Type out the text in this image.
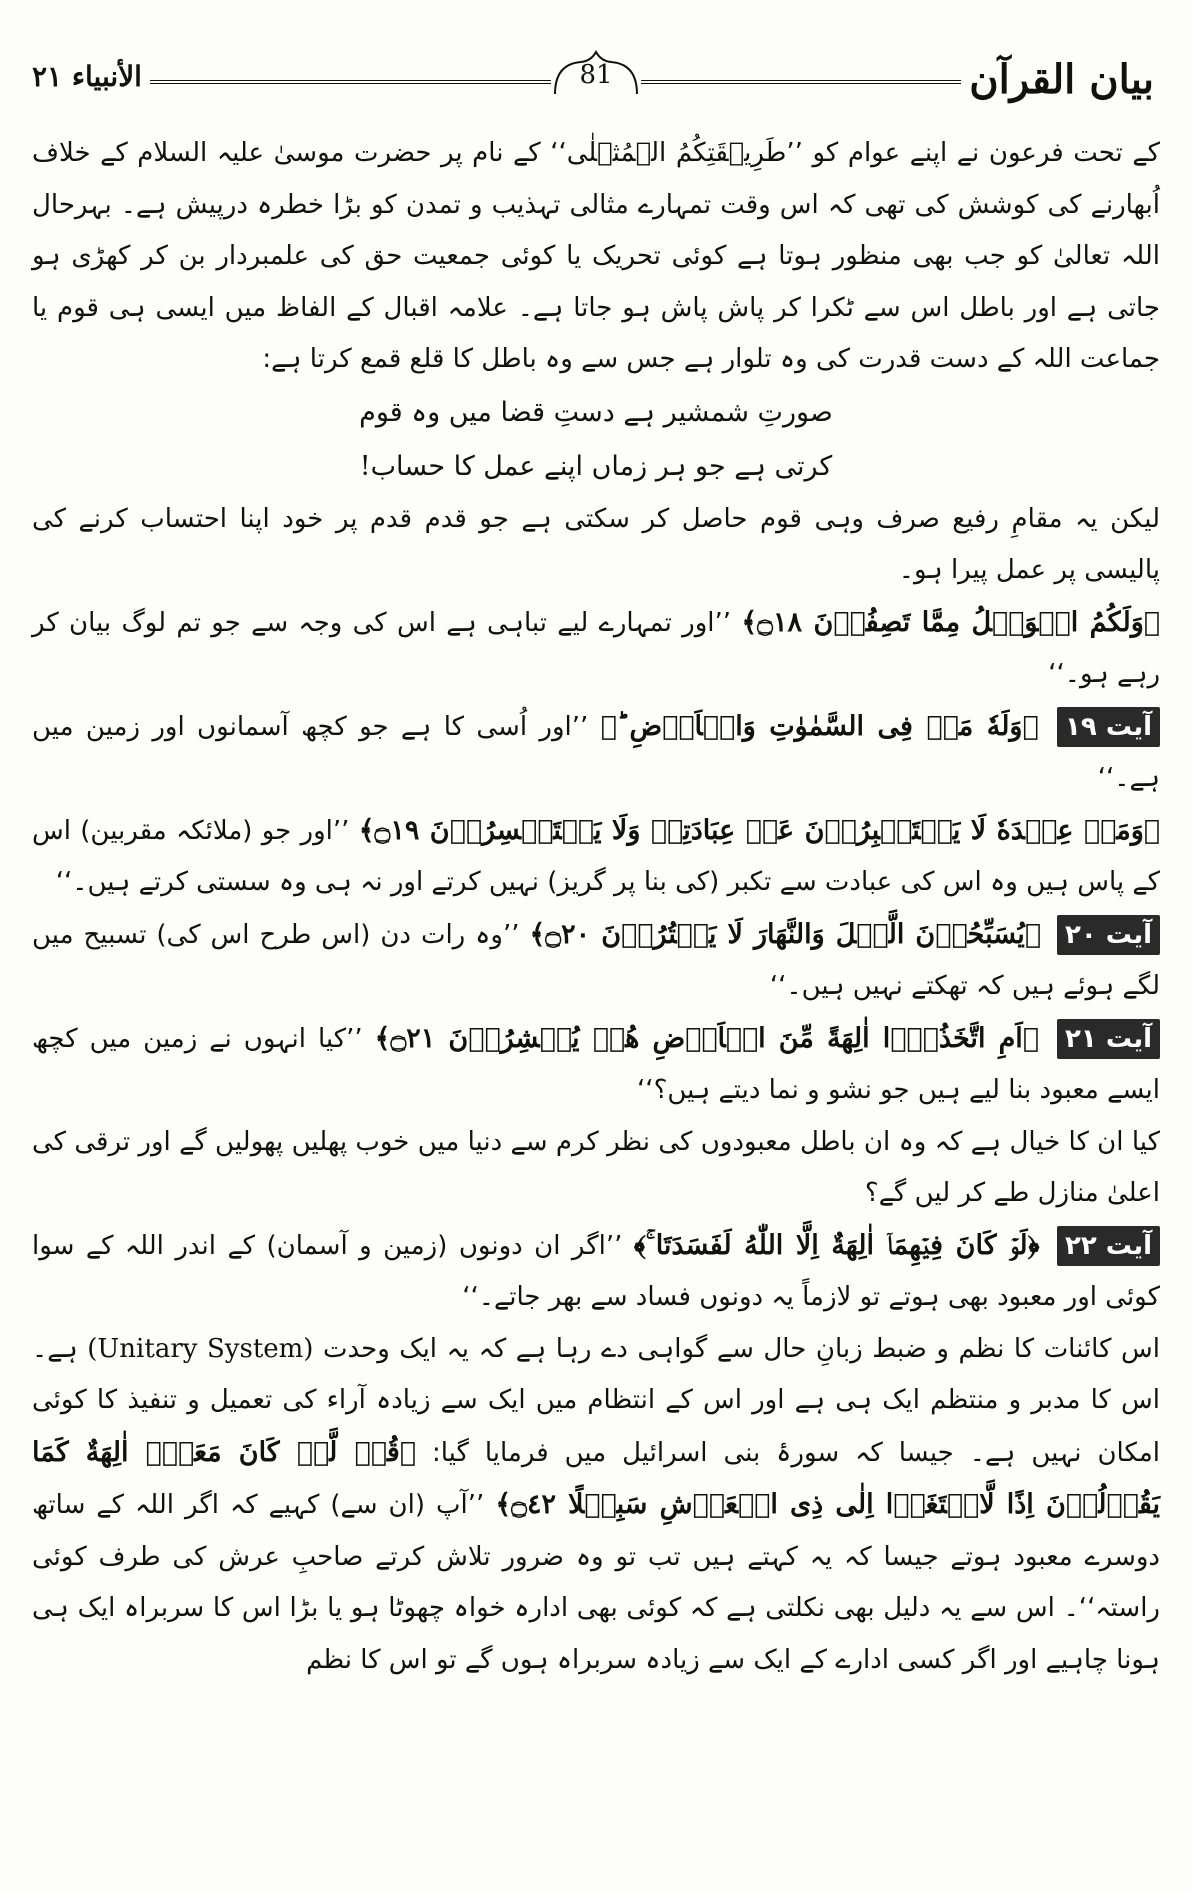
بیان القرآن
الأنبیاء ۲۱	81

کے تحت فرعون نے اپنے عوام کو ’’طَرِیۡقَتِکُمُ الۡمُثۡلٰی‘‘ کے نام پر حضرت موسیٰ علیہ السلام کے خلاف اُبھارنے کی کوشش کی تھی کہ اس وقت تمہارے مثالی تہذیب و تمدن کو بڑا خطرہ درپیش ہے۔ بہرحال اللہ تعالیٰ کو جب بھی منظور ہوتا ہے کوئی تحریک یا کوئی جمعیت حق کی علمبردار بن کر کھڑی ہو جاتی ہے اور باطل اس سے ٹکرا کر پاش پاش ہو جاتا ہے۔ علامہ اقبال کے الفاظ میں ایسی ہی قوم یا جماعت اللہ کے دست قدرت کی وہ تلوار ہے جس سے وہ باطل کا قلع قمع کرتا ہے:

صورتِ شمشیر ہے دستِ قضا میں وہ قوم

کرتی ہے جو ہر زماں اپنے عمل کا حساب!

لیکن یہ مقامِ رفیع صرف وہی قوم حاصل کر سکتی ہے جو قدم قدم پر خود اپنا احتساب کرنے کی پالیسی پر عمل پیرا ہو۔

﴿وَلَكُمُ الۡوَيۡلُ مِمَّا تَصِفُوۡنَ ۝١٨﴾ ’’اور تمہارے لیے تباہی ہے اس کی وجہ سے جو تم لوگ بیان کر رہے ہو۔‘‘

آیت ۱۹ ﴿وَلَهٗ مَنۡ فِى السَّمٰوٰتِ وَالۡاَرۡضِ ؕ﴾ ’’اور اُسی کا ہے جو کچھ آسمانوں اور زمین میں ہے۔‘‘

﴿وَمَنۡ عِنۡدَهٗ لَا يَسۡتَكۡبِرُوۡنَ عَنۡ عِبَادَتِهٖ وَلَا يَسۡتَحۡسِرُوۡنَ ۝١٩﴾ ’’اور جو (ملائکہ مقربین) اس کے پاس ہیں وہ اس کی عبادت سے تکبر (کی بنا پر گریز) نہیں کرتے اور نہ ہی وہ سستی کرتے ہیں۔‘‘

آیت ۲۰ ﴿يُسَبِّحُوۡنَ الَّيۡلَ وَالنَّهَارَ لَا يَفۡتُرُوۡنَ ۝٢٠﴾ ’’وہ رات دن (اس طرح اس کی) تسبیح میں لگے ہوئے ہیں کہ تھکتے نہیں ہیں۔‘‘

آیت ۲۱ ﴿اَمِ اتَّخَذُوۡۤا اٰلِهَةً مِّنَ الۡاَرۡضِ هُمۡ يُنۡشِرُوۡنَ ۝٢١﴾ ’’کیا انہوں نے زمین میں کچھ ایسے معبود بنا لیے ہیں جو نشو و نما دیتے ہیں؟‘‘

کیا ان کا خیال ہے کہ وہ ان باطل معبودوں کی نظر کرم سے دنیا میں خوب پھلیں پھولیں گے اور ترقی کی اعلیٰ منازل طے کر لیں گے؟

آیت ۲۲ ﴿لَوۡ كَانَ فِيۡهِمَاۤ اٰلِهَةٌ اِلَّا اللّٰهُ لَفَسَدَتَا ۚ﴾ ’’اگر ان دونوں (زمین و آسمان) کے اندر اللہ کے سوا کوئی اور معبود بھی ہوتے تو لازماً یہ دونوں فساد سے بھر جاتے۔‘‘

اس کائنات کا نظم و ضبط زبانِ حال سے گواہی دے رہا ہے کہ یہ ایک وحدت (Unitary System) ہے۔ اس کا مدبر و منتظم ایک ہی ہے اور اس کے انتظام میں ایک سے زیادہ آراء کی تعمیل و تنفیذ کا کوئی امکان نہیں ہے۔ جیسا کہ سورۂ بنی اسرائیل میں فرمایا گیا: ﴿قُلۡ لَّوۡ كَانَ مَعَهٗۤ اٰلِهَةٌ كَمَا يَقُوۡلُوۡنَ اِذًا لَّابۡتَغَوۡا اِلٰى ذِى الۡعَرۡشِ سَبِيۡلًا ۝٤٢﴾ ’’آپ (ان سے) کہیے کہ اگر اللہ کے ساتھ دوسرے معبود ہوتے جیسا کہ یہ کہتے ہیں تب تو وہ ضرور تلاش کرتے صاحبِ عرش کی طرف کوئی راستہ‘‘۔ اس سے یہ دلیل بھی نکلتی ہے کہ کوئی بھی ادارہ خواہ چھوٹا ہو یا بڑا اس کا سربراہ ایک ہی ہونا چاہیے اور اگر کسی ادارے کے ایک سے زیادہ سربراہ ہوں گے تو اس کا نظم
